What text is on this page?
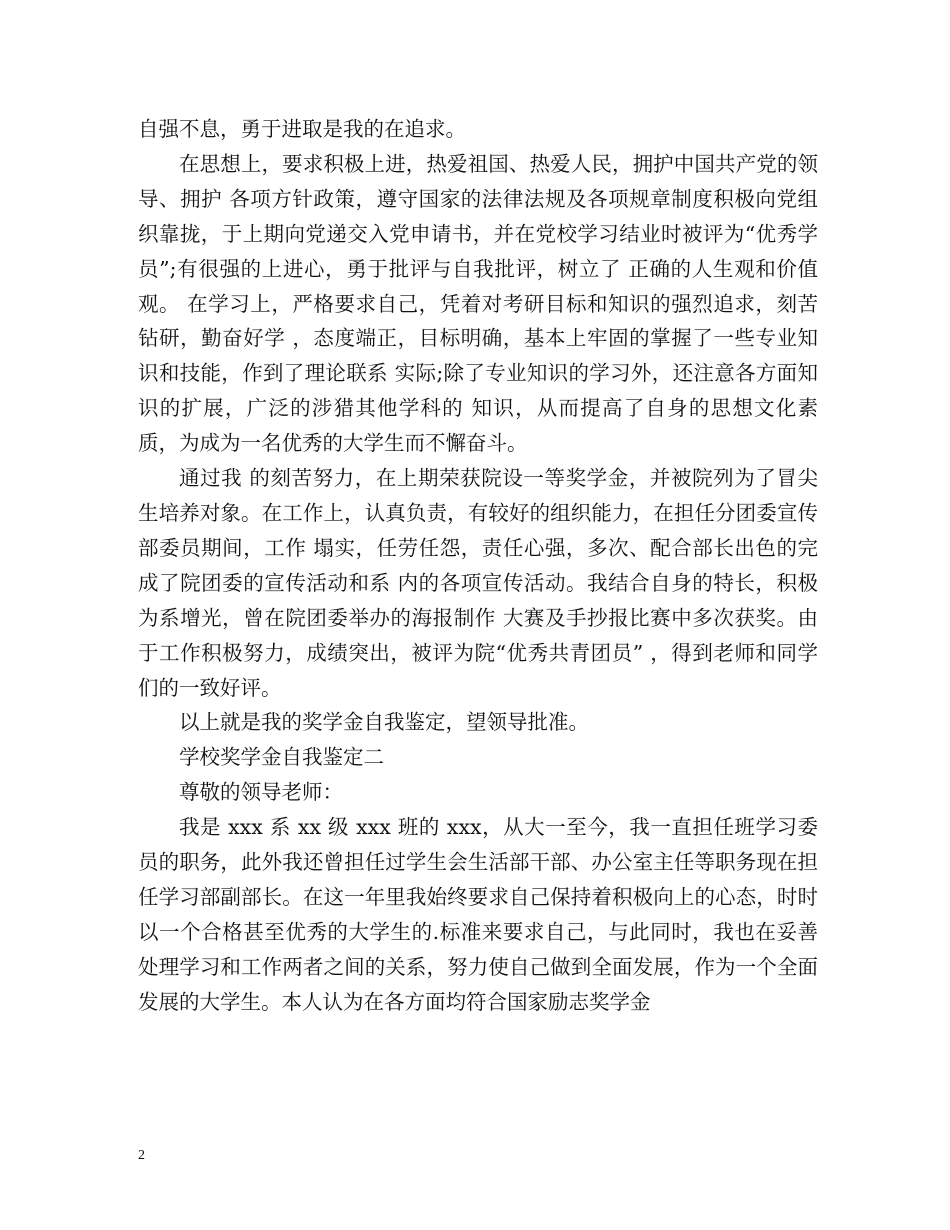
自强不息，勇于进取是我的在追求。

在思想上，要求积极上进，热爱祖国、热爱人民，拥护中国共产党的领导、拥护 各项方针政策，遵守国家的法律法规及各项规章制度积极向党组织靠拢，于上期向党递交入党申请书，并在党校学习结业时被评为“优秀学员”;有很强的上进心，勇于批评与自我批评，树立了 正确的人生观和价值观。 在学习上，严格要求自己，凭着对考研目标和知识的强烈追求，刻苦钻研，勤奋好学 ，态度端正，目标明确，基本上牢固的掌握了一些专业知识和技能，作到了理论联系 实际;除了专业知识的学习外，还注意各方面知识的扩展，广泛的涉猎其他学科的 知识，从而提高了自身的思想文化素质，为成为一名优秀的大学生而不懈奋斗。

通过我 的刻苦努力，在上期荣获院设一等奖学金，并被院列为了冒尖生培养对象。在工作上，认真负责，有较好的组织能力，在担任分团委宣传部委员期间，工作 塌实，任劳任怨，责任心强，多次、配合部长出色的完成了院团委的宣传活动和系 内的各项宣传活动。我结合自身的特长，积极为系增光，曾在院团委举办的海报制作 大赛及手抄报比赛中多次获奖。由于工作积极努力，成绩突出，被评为院“优秀共青团员” ，得到老师和同学们的一致好评。

以上就是我的奖学金自我鉴定，望领导批准。

学校奖学金自我鉴定二

尊敬的领导老师：

我是 xxx 系 xx 级 xxx 班的 xxx，从大一至今，我一直担任班学习委员的职务，此外我还曾担任过学生会生活部干部、办公室主任等职务现在担任学习部副部长。在这一年里我始终要求自己保持着积极向上的心态，时时以一个合格甚至优秀的大学生的.标准来要求自己，与此同时，我也在妥善处理学习和工作两者之间的关系，努力使自己做到全面发展，作为一个全面发展的大学生。本人认为在各方面均符合国家励志奖学金

2
